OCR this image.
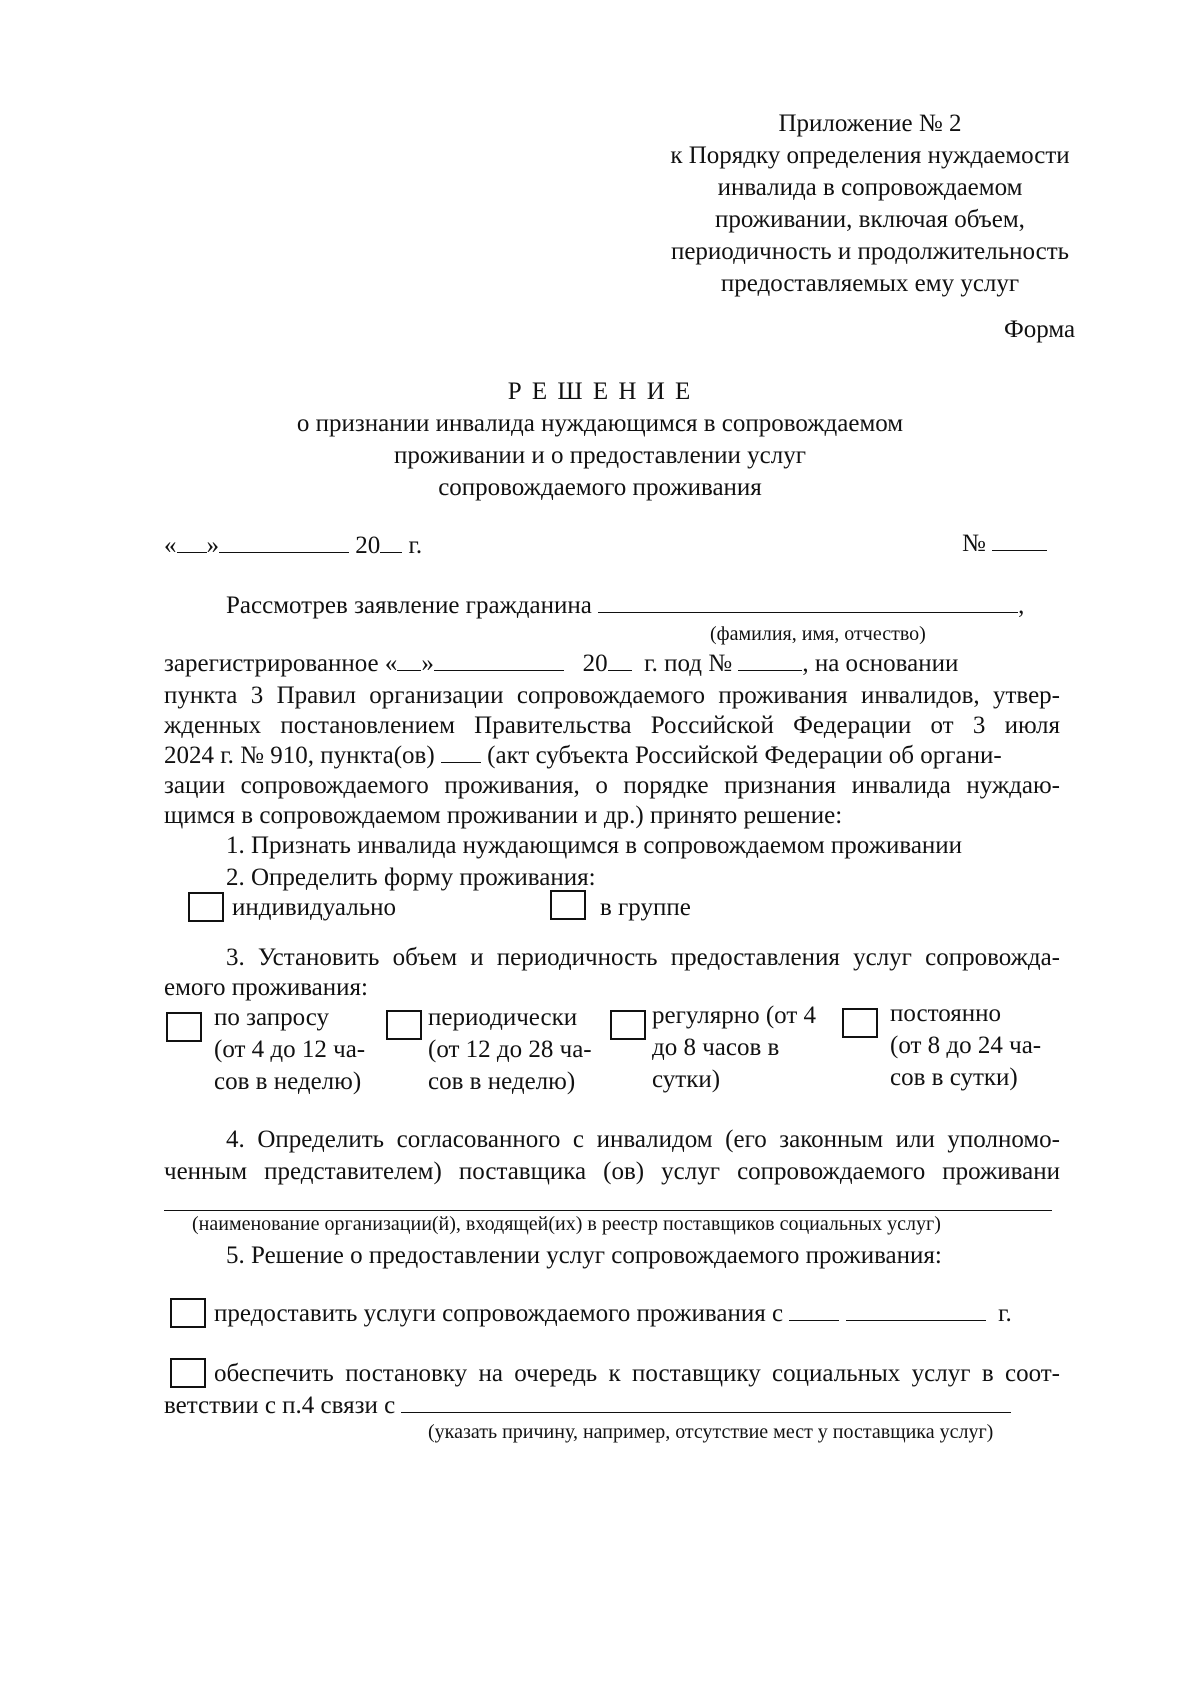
Приложение № 2
к Порядку определения нуждаемости
инвалида в сопровождаемом
проживании, включая объем,
периодичность и продолжительность
предоставляемых ему услуг
Форма
Р Е Ш Е Н И Е
о признании инвалида нуждающимся в сопровождаемом
проживании и о предоставлении услуг
сопровождаемого проживания
« »	20 г.	№
Рассмотрев заявление гражданина	,
(фамилия, имя, отчество)
зарегистрированное « »	20 г. под №	, на основании
пункта 3 Правил организации сопровождаемого проживания инвалидов, утвер-
жденных постановлением Правительства Российской Федерации от 3 июля
2024 г. № 910, пункта(ов) (акт субъекта Российской Федерации об органи-
зации сопровождаемого проживания, о порядке признания инвалида нуждаю-
щимся в сопровождаемом проживании и др.) принято решение:
1. Признать инвалида нуждающимся в сопровождаемом проживании
2. Определить форму проживания:
индивидуально	в группе
3. Установить объем и периодичность предоставления услуг сопровожда-
емого проживания:
по запросу
(от 4 до 12 ча-
сов в неделю)
периодически
(от 12 до 28 ча-
сов в неделю)
регулярно (от 4
до 8 часов в
сутки)
постоянно
(от 8 до 24 ча-
сов в сутки)
4. Определить согласованного с инвалидом (его законным или уполномо-
ченным представителем) поставщика (ов) услуг сопровождаемого проживани
(наименование организации(й), входящей(их) в реестр поставщиков социальных услуг)
5. Решение о предоставлении услуг сопровождаемого проживания:
предоставить услуги сопровождаемого проживания с	г.
обеспечить постановку на очередь к поставщику социальных услуг в соот-
ветствии с п.4 связи с
(указать причину, например, отсутствие мест у поставщика услуг)
